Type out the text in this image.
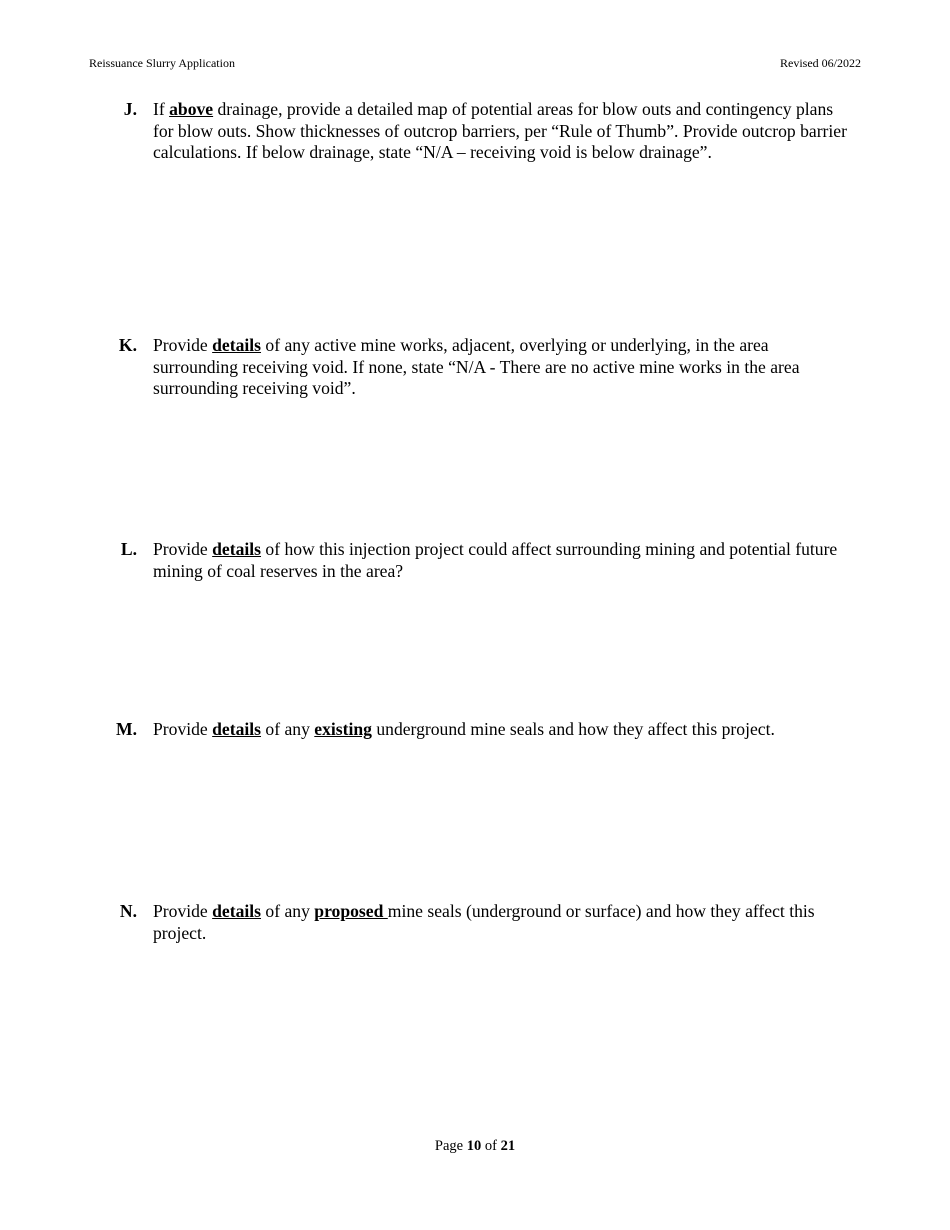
Reissuance Slurry Application	Revised 06/2022
J. If above drainage, provide a detailed map of potential areas for blow outs and contingency plans for blow outs. Show thicknesses of outcrop barriers, per “Rule of Thumb”. Provide outcrop barrier calculations. If below drainage, state “N/A – receiving void is below drainage”.
K. Provide details of any active mine works, adjacent, overlying or underlying, in the area surrounding receiving void. If none, state “N/A - There are no active mine works in the area surrounding receiving void”.
L. Provide details of how this injection project could affect surrounding mining and potential future mining of coal reserves in the area?
M. Provide details of any existing underground mine seals and how they affect this project.
N. Provide details of any proposed mine seals (underground or surface) and how they affect this project.
Page 10 of 21
